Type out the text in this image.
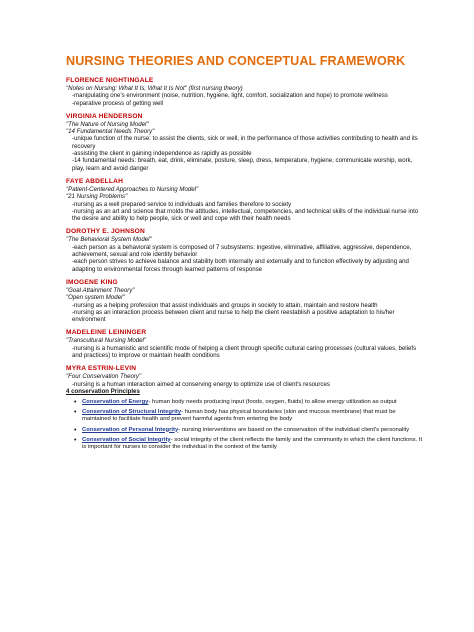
NURSING THEORIES AND CONCEPTUAL FRAMEWORK
FLORENCE NIGHTINGALE
"Notes on Nursing: What It Is, What It Is Not" (first nursing theory)
-manipulating one's environment (noise, nutrition, hygiene, light, comfort, socialization and hope) to promote wellness
-reparative process of getting well
VIRGINIA HENDERSON
"The Nature of Nursing Model"
"14 Fundamental Needs Theory"
-unique function of the nurse: to assist the clients, sick or well, in the performance of those activities contributing to health and its recovery
-assisting the client in gaining independence as rapidly as possible
-14 fundamental needs: breath, eat, drink, eliminate, posture, sleep, dress, temperature, hygiene, communicate worship, work, play, learn and avoid danger
FAYE ABDELLAH
"Patient-Centered Approaches to Nursing Model"
"21 Nursing Problems"
-nursing as a well prepared service to individuals and families therefore to society
-nursing as an art and science that molds the attitudes, intellectual, competencies, and technical skills of the individual nurse into the desire and ability to help people, sick or well and cope with their health needs
DOROTHY E. JOHNSON
"The Behavioral System Model"
-each person as a behavioral system is composed of 7 subsystems: ingestive, eliminative, affiliative, aggressive, dependence, achievement, sexual and role identity behavior
-each person strives to achieve balance and stability both internally and externally and to function effectively by adjusting and adapting to environmental forces through learned patterns of response
IMOGENE KING
"Goal Attainment Theory"
"Open system Model"
-nursing as a helping profession that assist individuals and groups in society to attain, maintain and restore health
-nursing as an interaction process between client and nurse to help the client reestablish a positive adaptation to his/her environment
MADELEINE LEININGER
"Transcultural Nursing Model"
-nursing is a humanistic and scientific mode of helping a client through specific cultural caring processes (cultural values, beliefs and practices) to improve or maintain health conditions
MYRA ESTRIN-LEVIN
"Four Conservation Theory"
-nursing is a human interaction aimed at conserving energy to optimize use of client's resources
4 conservation Principles
• Conservation of Energy- human body needs producing input (foods, oxygen, fluids) to allow energy utilization as output
• Conservation of Structural Integrity- human body has physical boundaries (skin and mucous membrane) that must be maintained to facilitate health and prevent harmful agents from entering the body
• Conservation of Personal Integrity- nursing interventions are based on the conservation of the individual client's personality
• Conservation of Social Integrity- social integrity of the client reflects the family and the community in which the client functions. It is important for nurses to consider the individual in the context of the family
